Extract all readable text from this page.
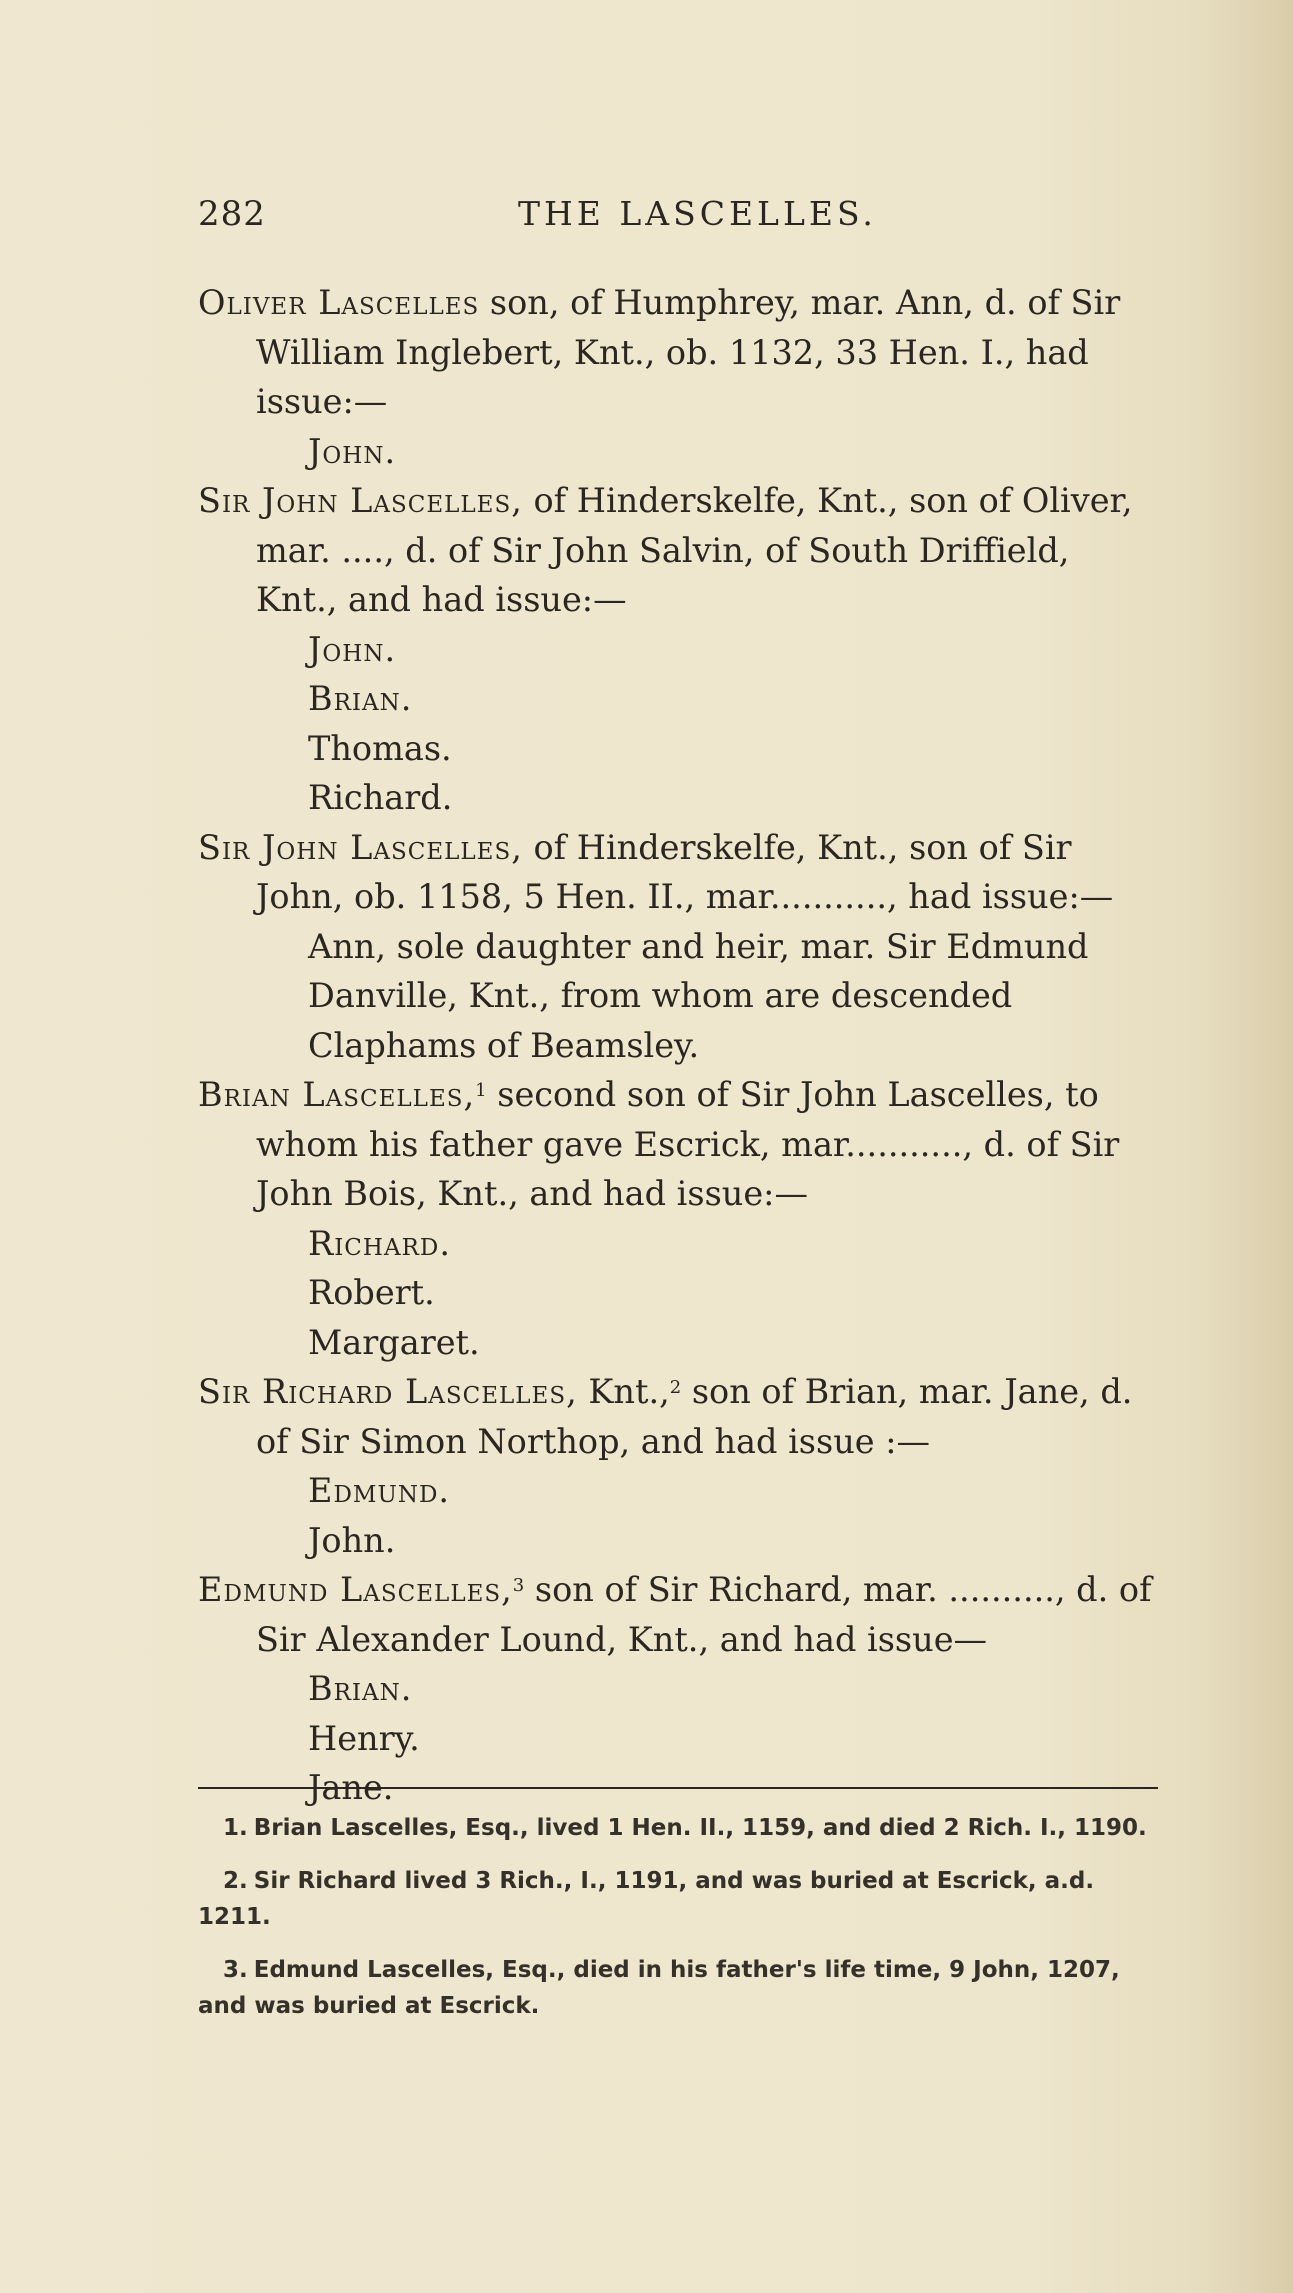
282	THE LASCELLES.

Oliver Lascelles son, of Humphrey, mar. Ann, d. of Sir William Inglebert, Knt., ob. 1132, 33 Hen. I., had issue:—

John.

Sir John Lascelles, of Hinderskelfe, Knt., son of Oliver, mar. ...., d. of Sir John Salvin, of South Driffield, Knt., and had issue:—

John.
Brian.
Thomas.
Richard.

Sir John Lascelles, of Hinderskelfe, Knt., son of Sir John, ob. 1158, 5 Hen. II., mar..........., had issue:—

Ann, sole daughter and heir, mar. Sir Edmund Danville, Knt., from whom are descended Claphams of Beamsley.

Brian Lascelles,$^1$ second son of Sir John Lascelles, to whom his father gave Escrick, mar..........., d. of Sir John Bois, Knt., and had issue:—

Richard.
Robert.
Margaret.

Sir Richard Lascelles, Knt.,$^2$ son of Brian, mar. Jane, d. of Sir Simon Northop, and had issue :—

Edmund.
John.

Edmund Lascelles,$^3$ son of Sir Richard, mar. .........., d. of Sir Alexander Lound, Knt., and had issue—

Brian.
Henry.
Jane.

1. Brian Lascelles, Esq., lived 1 Hen. II., 1159, and died 2 Rich. I., 1190.

2. Sir Richard lived 3 Rich., I., 1191, and was buried at Escrick, a.d. 1211.

3. Edmund Lascelles, Esq., died in his father's life time, 9 John, 1207, and was buried at Escrick.
